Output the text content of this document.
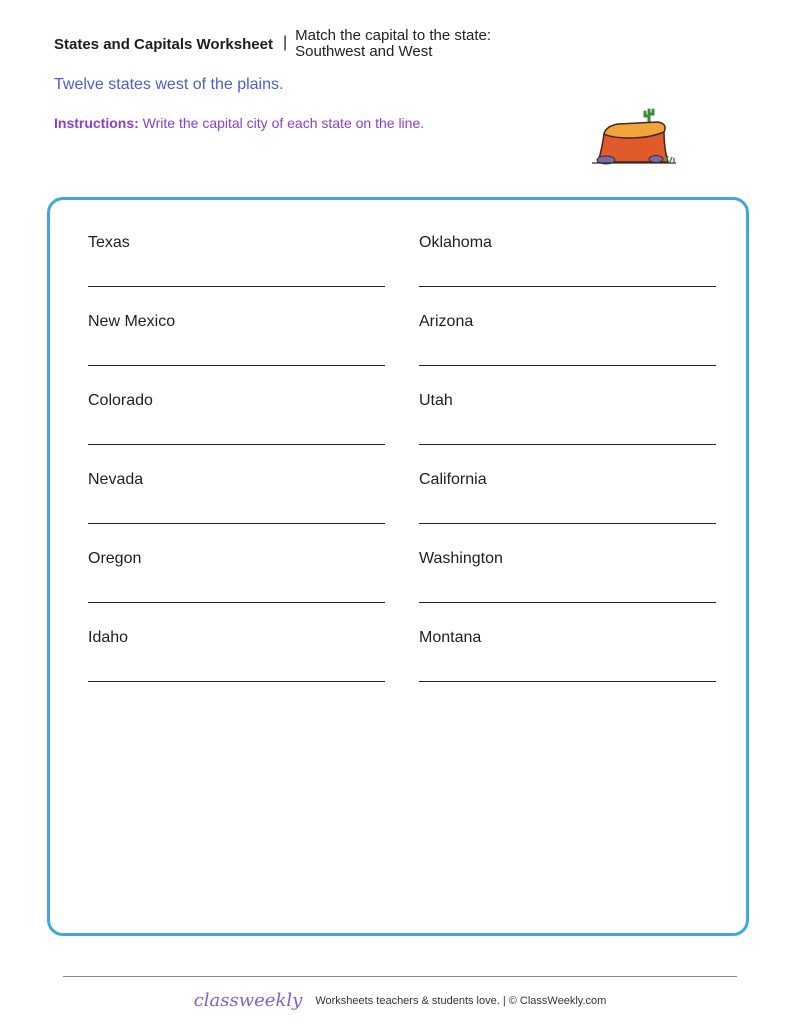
States and Capitals Worksheet | Match the capital to the state:
Southwest and West
Twelve states west of the plains.
Instructions: Write the capital city of each state on the line.
Texas	Oklahoma
New Mexico	Arizona
Colorado	Utah
Nevada	California
Oregon	Washington
Idaho	Montana
classweekly Worksheets teachers & students love. | © ClassWeekly.com
